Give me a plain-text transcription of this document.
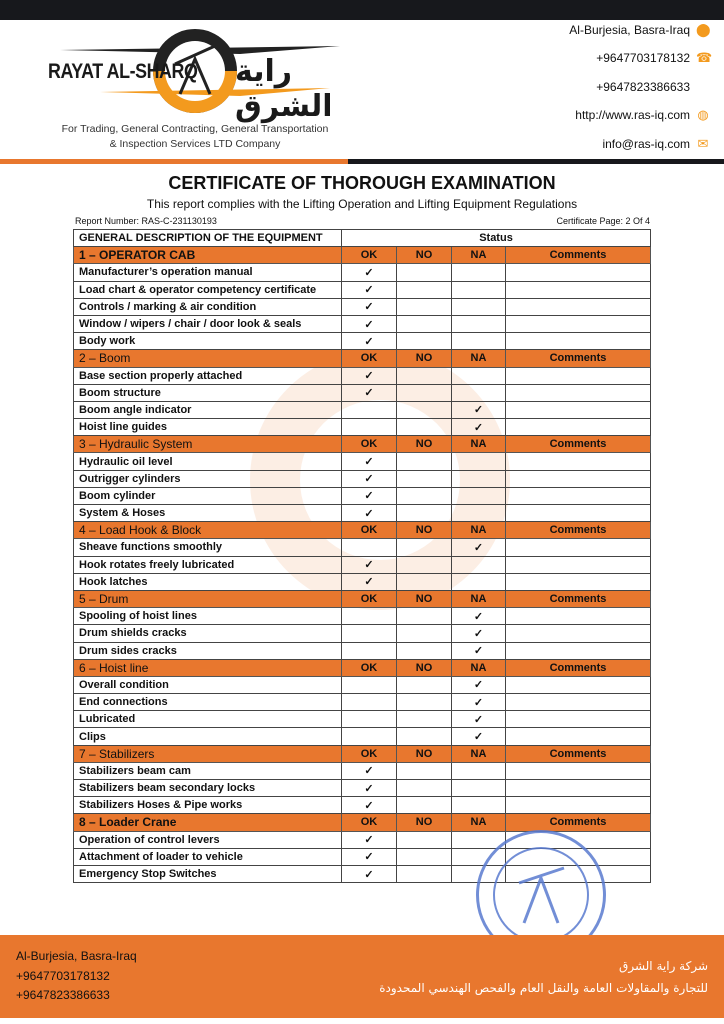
RAYAT AL-SHARQ راية الشرق
For Trading, General Contracting, General Transportation
& Inspection Services LTD Company
Al-Burjesia, Basra-Iraq ⬤
+9647703178132 ☎
+9647823386633
http://www.ras-iq.com ◍
info@ras-iq.com ✉
CERTIFICATE OF THOROUGH EXAMINATION
This report complies with the Lifting Operation and Lifting Equipment Regulations
Report Number: RAS-C-231130193	Certificate Page: 2 Of 4
GENERAL DESCRIPTION OF THE EQUIPMENT	Status			
1 – OPERATOR CAB	OK	NO	NA	Comments
Manufacturer’s operation manual	✓			
Load chart & operator competency certificate	✓			
Controls / marking & air condition	✓			
Window / wipers / chair / door look & seals	✓			
Body work	✓			
2 – Boom	OK	NO	NA	Comments
Base section properly attached	✓			
Boom structure	✓			
Boom angle indicator			✓	
Hoist line guides			✓	
3 – Hydraulic System	OK	NO	NA	Comments
Hydraulic oil level	✓			
Outrigger cylinders	✓			
Boom cylinder	✓			
System & Hoses	✓			
4 – Load Hook & Block	OK	NO	NA	Comments
Sheave functions smoothly			✓	
Hook rotates freely lubricated	✓			
Hook latches	✓			
5 – Drum	OK	NO	NA	Comments
Spooling of hoist lines			✓	
Drum shields cracks			✓	
Drum sides cracks			✓	
6 – Hoist line	OK	NO	NA	Comments
Overall condition			✓	
End connections			✓	
Lubricated			✓	
Clips			✓	
7 – Stabilizers	OK	NO	NA	Comments
Stabilizers beam cam	✓			
Stabilizers beam secondary locks	✓			
Stabilizers Hoses & Pipe works	✓			
8 – Loader Crane	OK	NO	NA	Comments
Operation of control levers	✓			
Attachment of loader to vehicle	✓			
Emergency Stop Switches	✓			
Al-Burjesia, Basra-Iraq
+9647703178132
+9647823386633
شركة راية الشرق
للتجارة والمقاولات العامة والنقل العام والفحص الهندسي المحدودة
